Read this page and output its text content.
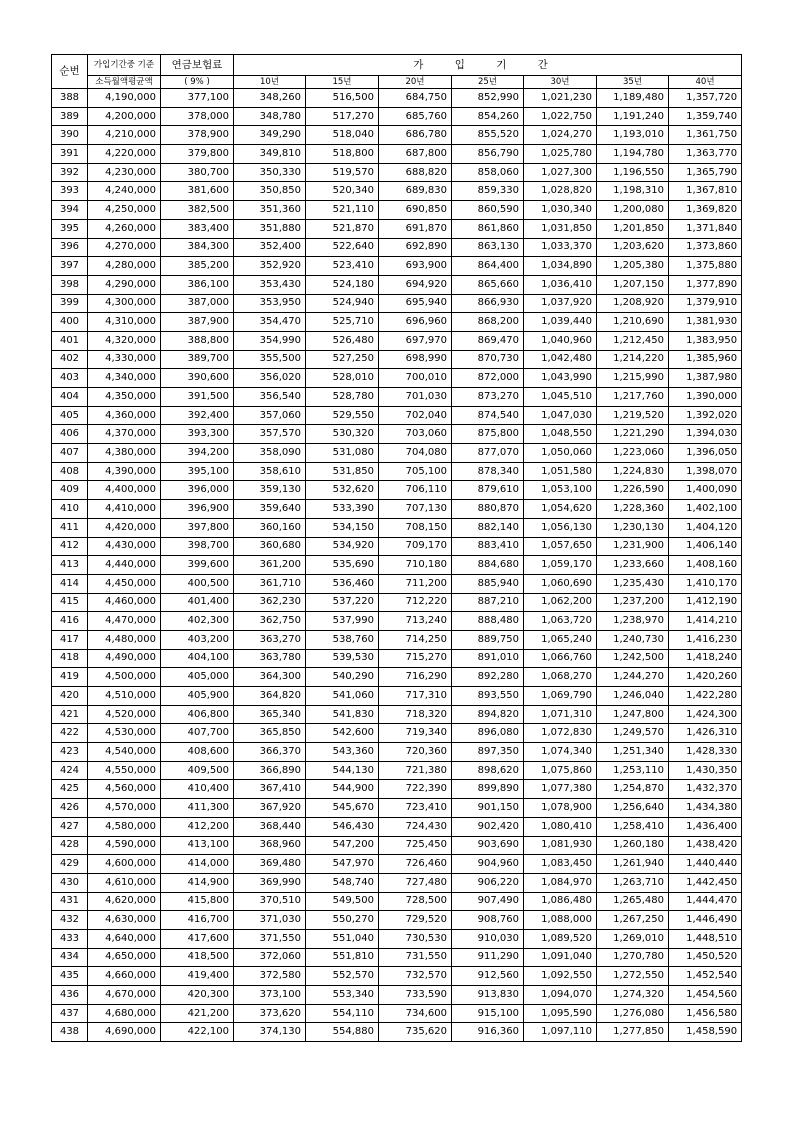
순번	가입기간중 기준	연금보험료	가 입 기 간						
	소득월액평균액	( 9% )	10년	15년	20년	25년	30년	35년	40년
388	4,190,000	377,100	348,260	516,500	684,750	852,990	1,021,230	1,189,480	1,357,720
389	4,200,000	378,000	348,780	517,270	685,760	854,260	1,022,750	1,191,240	1,359,740
390	4,210,000	378,900	349,290	518,040	686,780	855,520	1,024,270	1,193,010	1,361,750
391	4,220,000	379,800	349,810	518,800	687,800	856,790	1,025,780	1,194,780	1,363,770
392	4,230,000	380,700	350,330	519,570	688,820	858,060	1,027,300	1,196,550	1,365,790
393	4,240,000	381,600	350,850	520,340	689,830	859,330	1,028,820	1,198,310	1,367,810
394	4,250,000	382,500	351,360	521,110	690,850	860,590	1,030,340	1,200,080	1,369,820
395	4,260,000	383,400	351,880	521,870	691,870	861,860	1,031,850	1,201,850	1,371,840
396	4,270,000	384,300	352,400	522,640	692,890	863,130	1,033,370	1,203,620	1,373,860
397	4,280,000	385,200	352,920	523,410	693,900	864,400	1,034,890	1,205,380	1,375,880
398	4,290,000	386,100	353,430	524,180	694,920	865,660	1,036,410	1,207,150	1,377,890
399	4,300,000	387,000	353,950	524,940	695,940	866,930	1,037,920	1,208,920	1,379,910
400	4,310,000	387,900	354,470	525,710	696,960	868,200	1,039,440	1,210,690	1,381,930
401	4,320,000	388,800	354,990	526,480	697,970	869,470	1,040,960	1,212,450	1,383,950
402	4,330,000	389,700	355,500	527,250	698,990	870,730	1,042,480	1,214,220	1,385,960
403	4,340,000	390,600	356,020	528,010	700,010	872,000	1,043,990	1,215,990	1,387,980
404	4,350,000	391,500	356,540	528,780	701,030	873,270	1,045,510	1,217,760	1,390,000
405	4,360,000	392,400	357,060	529,550	702,040	874,540	1,047,030	1,219,520	1,392,020
406	4,370,000	393,300	357,570	530,320	703,060	875,800	1,048,550	1,221,290	1,394,030
407	4,380,000	394,200	358,090	531,080	704,080	877,070	1,050,060	1,223,060	1,396,050
408	4,390,000	395,100	358,610	531,850	705,100	878,340	1,051,580	1,224,830	1,398,070
409	4,400,000	396,000	359,130	532,620	706,110	879,610	1,053,100	1,226,590	1,400,090
410	4,410,000	396,900	359,640	533,390	707,130	880,870	1,054,620	1,228,360	1,402,100
411	4,420,000	397,800	360,160	534,150	708,150	882,140	1,056,130	1,230,130	1,404,120
412	4,430,000	398,700	360,680	534,920	709,170	883,410	1,057,650	1,231,900	1,406,140
413	4,440,000	399,600	361,200	535,690	710,180	884,680	1,059,170	1,233,660	1,408,160
414	4,450,000	400,500	361,710	536,460	711,200	885,940	1,060,690	1,235,430	1,410,170
415	4,460,000	401,400	362,230	537,220	712,220	887,210	1,062,200	1,237,200	1,412,190
416	4,470,000	402,300	362,750	537,990	713,240	888,480	1,063,720	1,238,970	1,414,210
417	4,480,000	403,200	363,270	538,760	714,250	889,750	1,065,240	1,240,730	1,416,230
418	4,490,000	404,100	363,780	539,530	715,270	891,010	1,066,760	1,242,500	1,418,240
419	4,500,000	405,000	364,300	540,290	716,290	892,280	1,068,270	1,244,270	1,420,260
420	4,510,000	405,900	364,820	541,060	717,310	893,550	1,069,790	1,246,040	1,422,280
421	4,520,000	406,800	365,340	541,830	718,320	894,820	1,071,310	1,247,800	1,424,300
422	4,530,000	407,700	365,850	542,600	719,340	896,080	1,072,830	1,249,570	1,426,310
423	4,540,000	408,600	366,370	543,360	720,360	897,350	1,074,340	1,251,340	1,428,330
424	4,550,000	409,500	366,890	544,130	721,380	898,620	1,075,860	1,253,110	1,430,350
425	4,560,000	410,400	367,410	544,900	722,390	899,890	1,077,380	1,254,870	1,432,370
426	4,570,000	411,300	367,920	545,670	723,410	901,150	1,078,900	1,256,640	1,434,380
427	4,580,000	412,200	368,440	546,430	724,430	902,420	1,080,410	1,258,410	1,436,400
428	4,590,000	413,100	368,960	547,200	725,450	903,690	1,081,930	1,260,180	1,438,420
429	4,600,000	414,000	369,480	547,970	726,460	904,960	1,083,450	1,261,940	1,440,440
430	4,610,000	414,900	369,990	548,740	727,480	906,220	1,084,970	1,263,710	1,442,450
431	4,620,000	415,800	370,510	549,500	728,500	907,490	1,086,480	1,265,480	1,444,470
432	4,630,000	416,700	371,030	550,270	729,520	908,760	1,088,000	1,267,250	1,446,490
433	4,640,000	417,600	371,550	551,040	730,530	910,030	1,089,520	1,269,010	1,448,510
434	4,650,000	418,500	372,060	551,810	731,550	911,290	1,091,040	1,270,780	1,450,520
435	4,660,000	419,400	372,580	552,570	732,570	912,560	1,092,550	1,272,550	1,452,540
436	4,670,000	420,300	373,100	553,340	733,590	913,830	1,094,070	1,274,320	1,454,560
437	4,680,000	421,200	373,620	554,110	734,600	915,100	1,095,590	1,276,080	1,456,580
438	4,690,000	422,100	374,130	554,880	735,620	916,360	1,097,110	1,277,850	1,458,590
